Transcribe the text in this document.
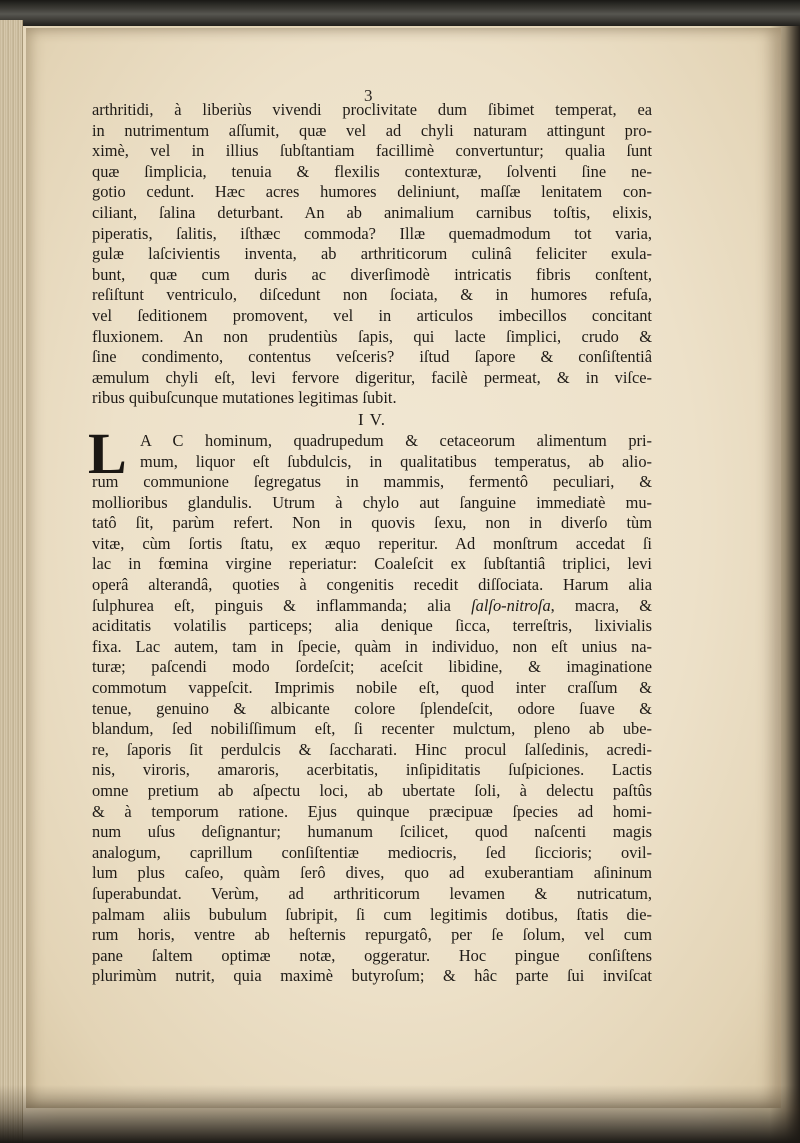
3
arthritidi, à liberiùs vivendi proclivitate dum ſibimet temperat, ea
in nutrimentum aſſumit, quæ vel ad chyli naturam attingunt pro-
ximè, vel in illius ſubſtantiam facillimè convertuntur; qualia ſunt
quæ ſimplicia, tenuia & flexilis contexturæ, ſolventi ſine ne-
gotio cedunt. Hæc acres humores deliniunt, maſſæ lenitatem con-
ciliant, ſalina deturbant. An ab animalium carnibus toſtis, elixis,
piperatis, ſalitis, iſthæc commoda? Illæ quemadmodum tot varia,
gulæ laſcivientis inventa, ab arthriticorum culinâ feliciter exula-
bunt, quæ cum duris ac diverſimodè intricatis fibris conſtent,
reſiſtunt ventriculo, diſcedunt non ſociata, & in humores refuſa,
vel ſeditionem promovent, vel in articulos imbecillos concitant
fluxionem. An non prudentiùs ſapis, qui lacte ſimplici, crudo &
ſine condimento, contentus veſceris? iſtud ſapore & conſiſtentiâ
æmulum chyli eſt, levi fervore digeritur, facilè permeat, & in viſce-
ribus quibuſcunque mutationes legitimas ſubit.
I V.
L A C hominum, quadrupedum & cetaceorum alimentum pri-
mum, liquor eſt ſubdulcis, in qualitatibus temperatus, ab alio-
rum communione ſegregatus in mammis, fermentô peculiari, &
mollioribus glandulis. Utrum à chylo aut ſanguine immediatè mu-
tatô ſit, parùm refert. Non in quovis ſexu, non in diverſo tùm
vitæ, cùm ſortis ſtatu, ex æquo reperitur. Ad monſtrum accedat ſi
lac in fœmina virgine reperiatur: Coaleſcit ex ſubſtantiâ triplici, levi
operâ alterandâ, quoties à congenitis recedit diſſociata. Harum alia
ſulphurea eſt, pinguis & inflammanda; alia ſalſo-nitroſa, macra, &
aciditatis volatilis particeps; alia denique ſicca, terreſtris, lixivialis
fixa. Lac autem, tam in ſpecie, quàm in individuo, non eſt unius na-
turæ; paſcendi modo ſordeſcit; aceſcit libidine, & imaginatione
commotum vappeſcit. Imprimis nobile eſt, quod inter craſſum &
tenue, genuino & albicante colore ſplendeſcit, odore ſuave &
blandum, ſed nobiliſſimum eſt, ſi recenter mulctum, pleno ab ube-
re, ſaporis ſit perdulcis & ſaccharati. Hinc procul ſalſedinis, acredi-
nis, viroris, amaroris, acerbitatis, inſipiditatis ſuſpiciones. Lactis
omne pretium ab aſpectu loci, ab ubertate ſoli, à delectu paſtûs
& à temporum ratione. Ejus quinque præcipuæ ſpecies ad homi-
num uſus deſignantur; humanum ſcilicet, quod naſcenti magis
analogum, caprillum conſiſtentiæ mediocris, ſed ſiccioris; ovil-
lum plus caſeo, quàm ſerô dives, quo ad exuberantiam aſininum
ſuperabundat. Verùm, ad arthriticorum levamen & nutricatum,
palmam aliis bubulum ſubripit, ſi cum legitimis dotibus, ſtatis die-
rum horis, ventre ab heſternis repurgatô, per ſe ſolum, vel cum
pane ſaltem optimæ notæ, oggeratur. Hoc pingue conſiſtens
plurimùm nutrit, quia maximè butyroſum; & hâc parte ſui inviſcat
